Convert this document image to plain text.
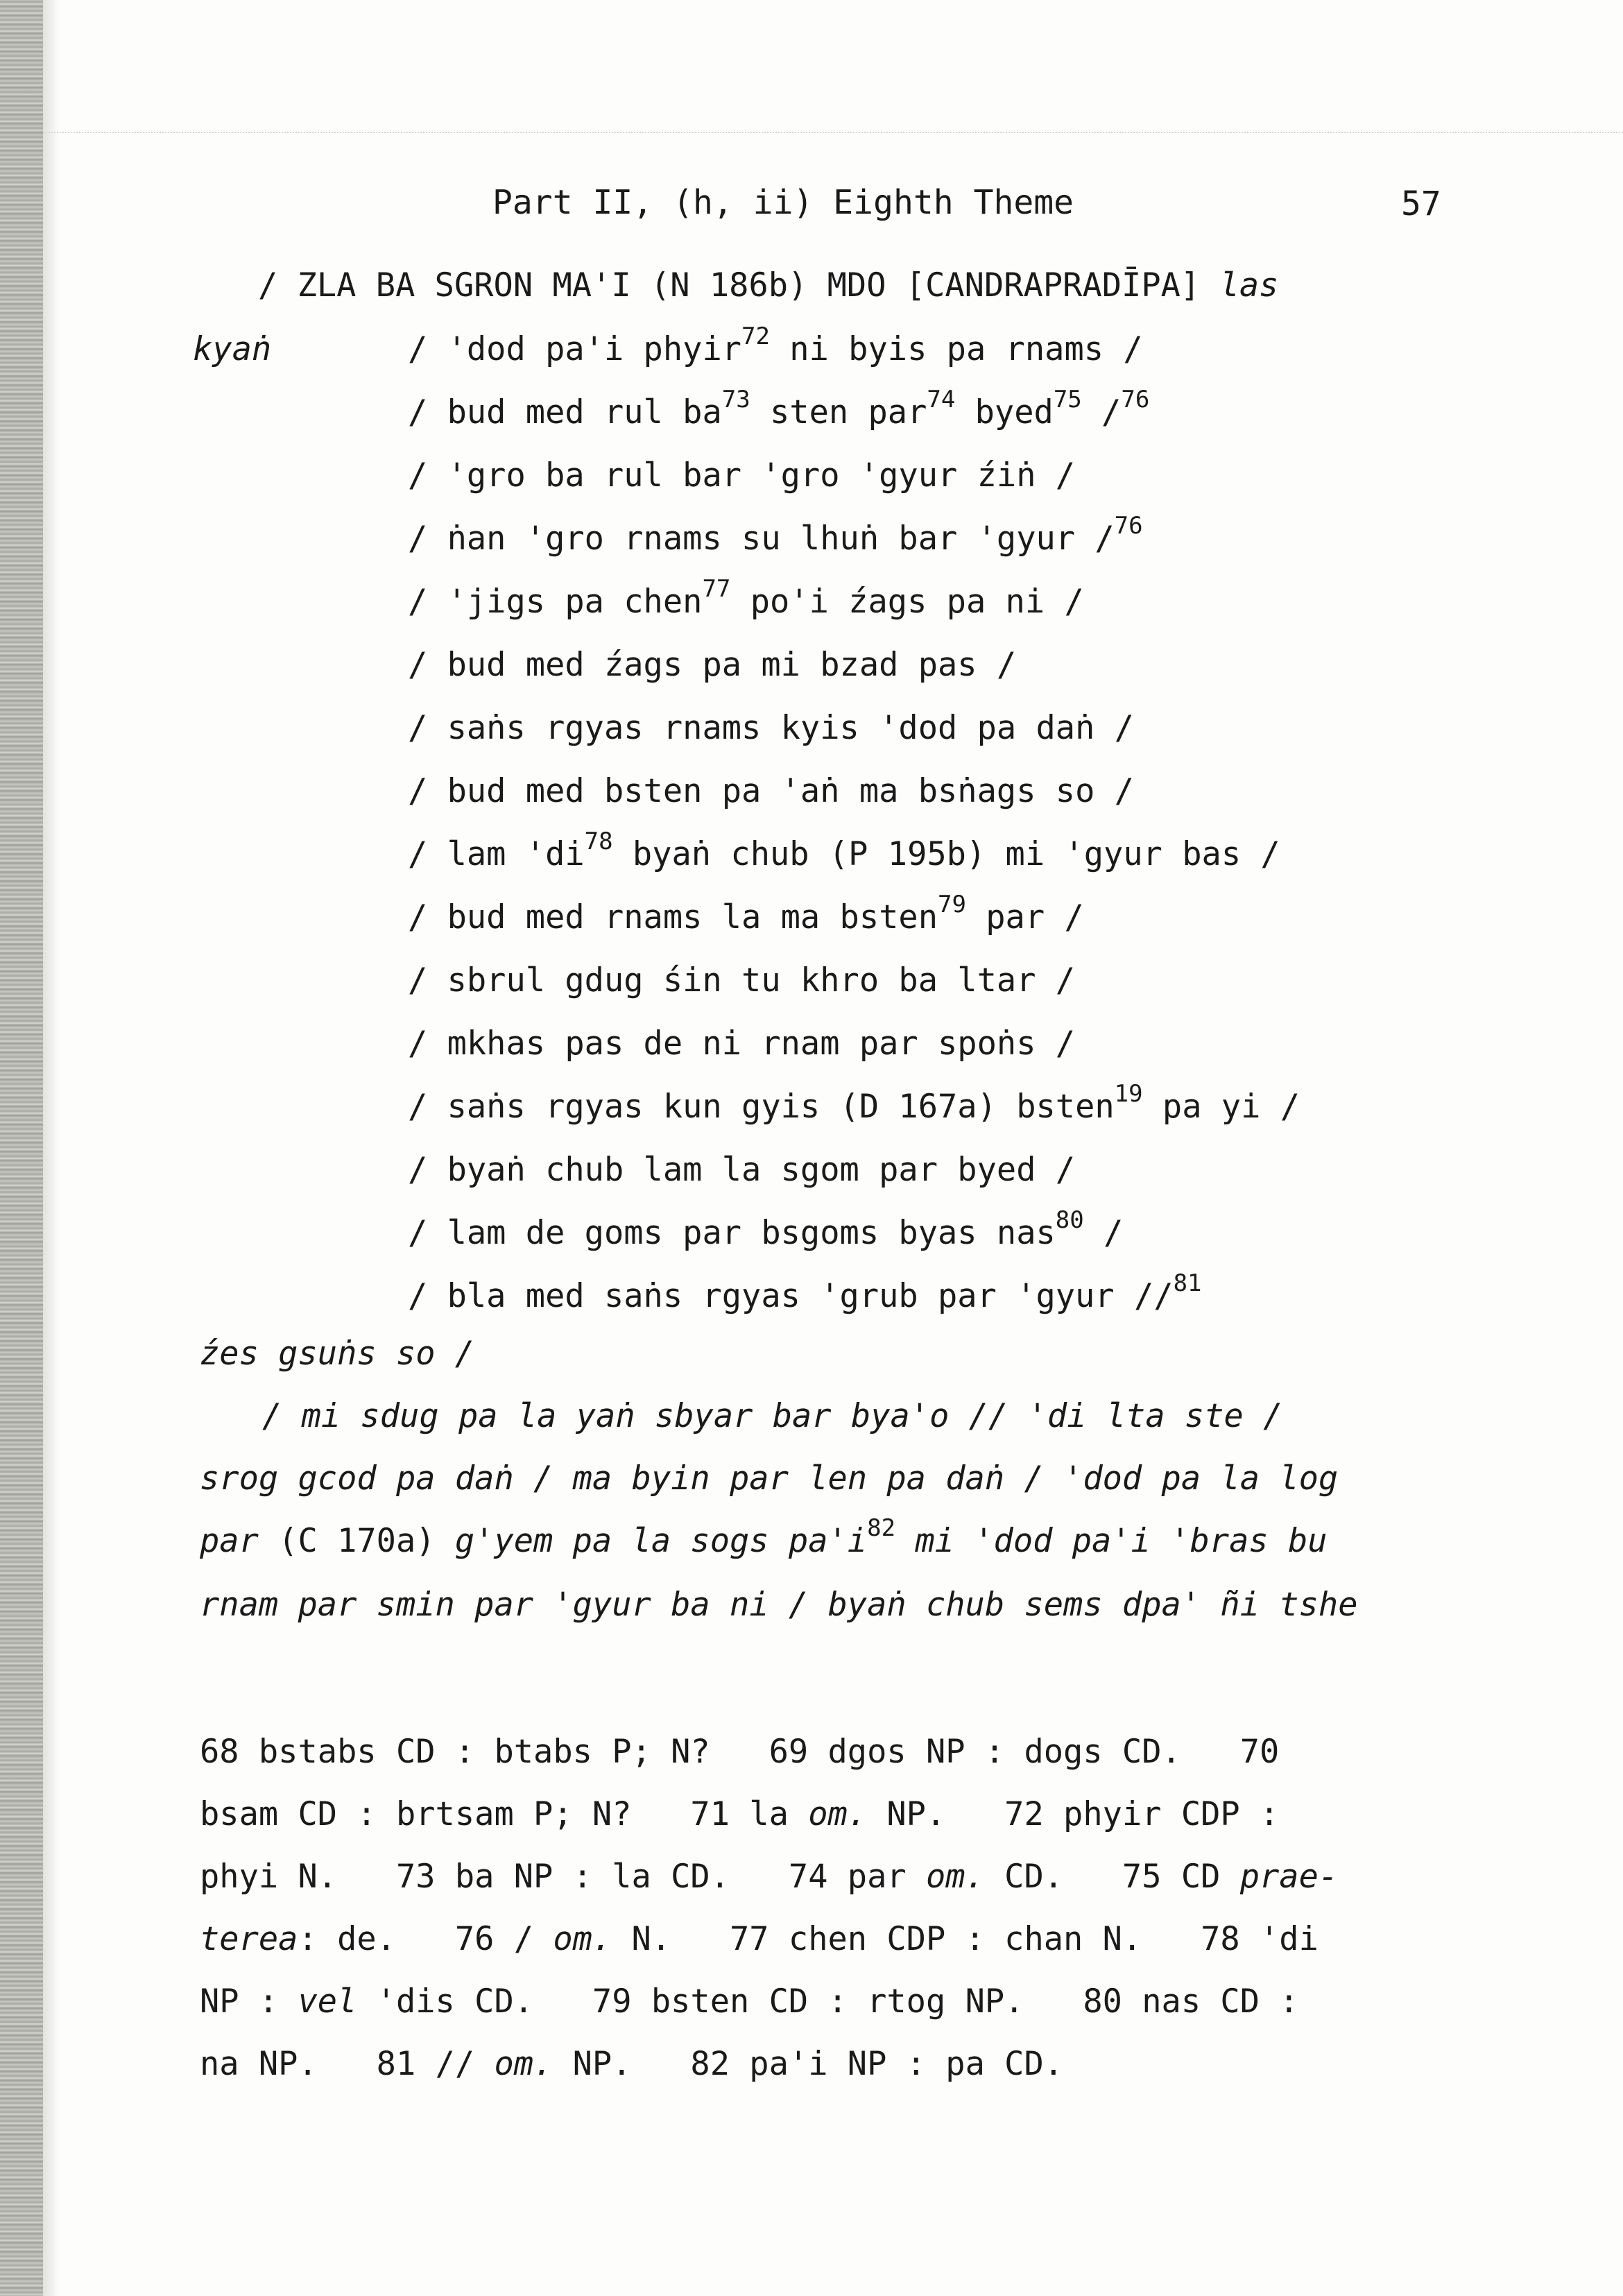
Part II, (h, ii) Eighth Theme	57
/ ZLA BA SGRON MA'I (N 186b) MDO [CANDRAPRADĪPA] las
kyaṅ	/ 'dod pa'i phyir$^{72}$ ni byis pa rnams /
/ bud med rul $ba^{73}$ sten par$^{74}$ byed$^{75}$ /$^{76}$
/ 'gro ba rul bar 'gro 'gyur źiṅ /
/ ṅan 'gro rnams su lhuṅ bar 'gyur /$^{76}$
/ 'jigs pa chen$^{77}$ po'i źags pa ni /
/ bud med źags pa mi bzad pas /
/ saṅs rgyas rnams kyis 'dod pa daṅ /
/ bud med bsten pa 'aṅ ma bsṅags so /
/ lam '$di^{78}$ byaṅ chub (P 195b) mi 'gyur bas /
/ bud med rnams la ma bsten$^{79}$ par /
/ sbrul gdug śin tu khro ba ltar /
/ mkhas pas de ni rnam par spoṅs /
/ saṅs rgyas kun gyis (D 167a) bsten$^{19}$ pa yi /
/ byaṅ chub lam la sgom par byed /
/ lam de goms par bsgoms byas nas$^{80}$ /
/ bla med saṅs rgyas 'grub par 'gyur //$^{81}$
źes gsuṅs so /
/ mi sdug pa la yaṅ sbyar bar bya'o // 'di lta ste /
srog gcod pa daṅ / ma byin par len pa daṅ / 'dod pa la log
par (C 170a) g'yem pa la sogs $pa'i^{82}$ mi 'dod pa'i 'bras bu
rnam par smin par 'gyur ba ni / byaṅ chub sems dpa' ñi tshe
68 bstabs CD : btabs P; N?   69 dgos NP : dogs CD.   70
bsam CD : brtsam P; N?   71 la om. NP.   72 phyir CDP :
phyi N.   73 ba NP : la CD.   74 par om. CD.   75 CD prae-
terea: de.   76 / om. N.   77 chen CDP : chan N.   78 'di
NP : vel 'dis CD.   79 bsten CD : rtog NP.   80 nas CD :
na NP.   81 // om. NP.   82 pa'i NP : pa CD.
